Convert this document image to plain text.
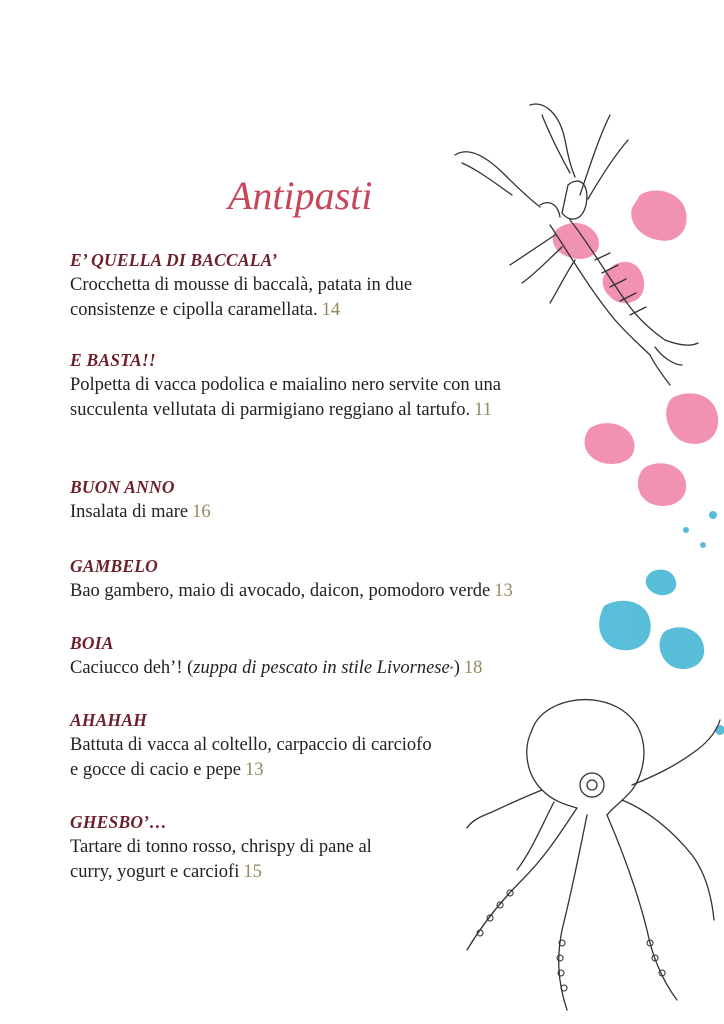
Antipasti
E’ QUELLA DI BACCALA’
Crocchetta di mousse di baccalà, patata in due
consistenze e cipolla caramellata. 14
E BASTA!!
Polpetta di vacca podolica e maialino nero servite con una
succulenta vellutata di parmigiano reggiano al tartufo. 11
BUON ANNO
Insalata di mare 16
GAMBELO
Bao gambero, maio di avocado, daicon, pomodoro verde 13
BOIA
Caciucco deh’! (zuppa di pescato in stile Livornese*) 18
AHAHAH
Battuta di vacca al coltello, carpaccio di carciofo
e gocce di cacio e pepe 13
GHESBO’…
Tartare di tonno rosso, chrispy di pane al
curry, yogurt e carciofi 15
